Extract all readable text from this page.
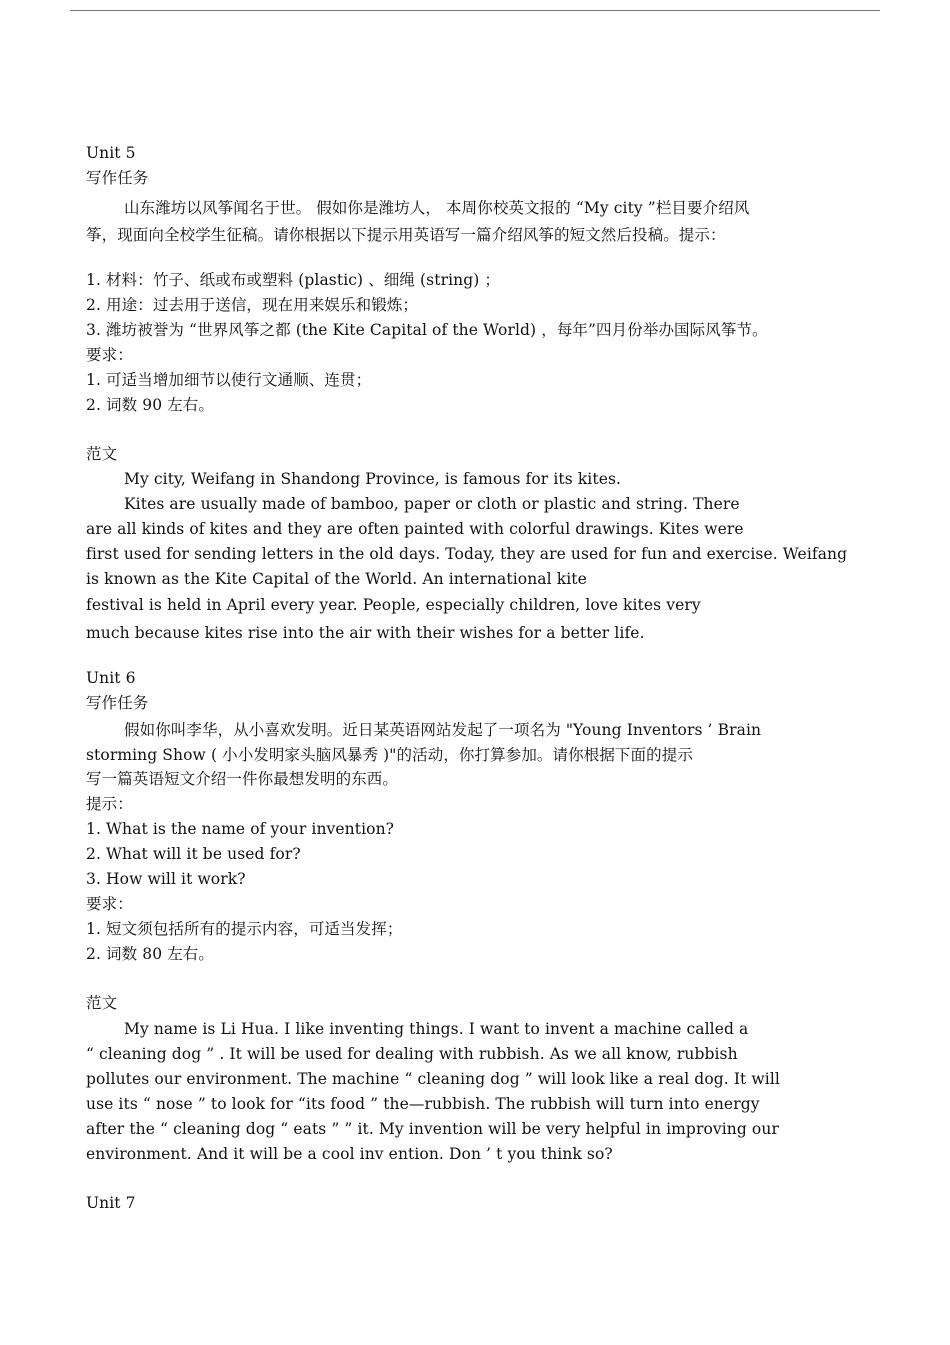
Unit 5
写作任务
山东潍坊以风筝闻名于世。 假如你是潍坊人， 本周你校英文报的 “My city ”栏目要介绍风
筝，现面向全校学生征稿。请你根据以下提示用英语写一篇介绍风筝的短文然后投稿。提示：
1. 材料：竹子、纸或布或塑料 (plastic) 、细绳 (string) ；
2. 用途：过去用于送信，现在用来娱乐和锻炼；
3. 潍坊被誉为 “世界风筝之都 (the Kite Capital of the World) ，每年”四月份举办国际风筝节。
要求：
1. 可适当增加细节以使行文通顺、连贯；
2. 词数 90 左右。
范文
My city, Weifang in Shandong Province, is famous for its kites.
Kites are usually made of bamboo, paper or cloth or plastic and string. There
are all kinds of kites and they are often painted with colorful drawings. Kites were
first used for sending letters in the old days. Today, they are used for fun and exercise. Weifang
is known as the Kite Capital of the World. An international kite
festival is held in April every year. People, especially children, love kites very
much because kites rise into the air with their wishes for a better life.
Unit 6
写作任务
假如你叫李华，从小喜欢发明。近日某英语网站发起了一项名为 "Young Inventors ’ Brain
storming Show ( 小小发明家头脑风暴秀 )"的活动，你打算参加。请你根据下面的提示
写一篇英语短文介绍一件你最想发明的东西。
提示：
1. What is the name of your invention?
2. What will it be used for?
3. How will it work?
要求：
1. 短文须包括所有的提示内容，可适当发挥；
2. 词数 80 左右。
范文
My name is Li Hua. I like inventing things. I want to invent a machine called a
“ cleaning dog ” . It will be used for dealing with rubbish. As we all know, rubbish
pollutes our environment. The machine “ cleaning dog ” will look like a real dog. It will
use its “ nose ” to look for “its food ” the—rubbish. The rubbish will turn into energy
after the “ cleaning dog “ eats ” ” it. My invention will be very helpful in improving our
environment. And it will be a cool inv ention. Don ’ t you think so?
Unit 7
